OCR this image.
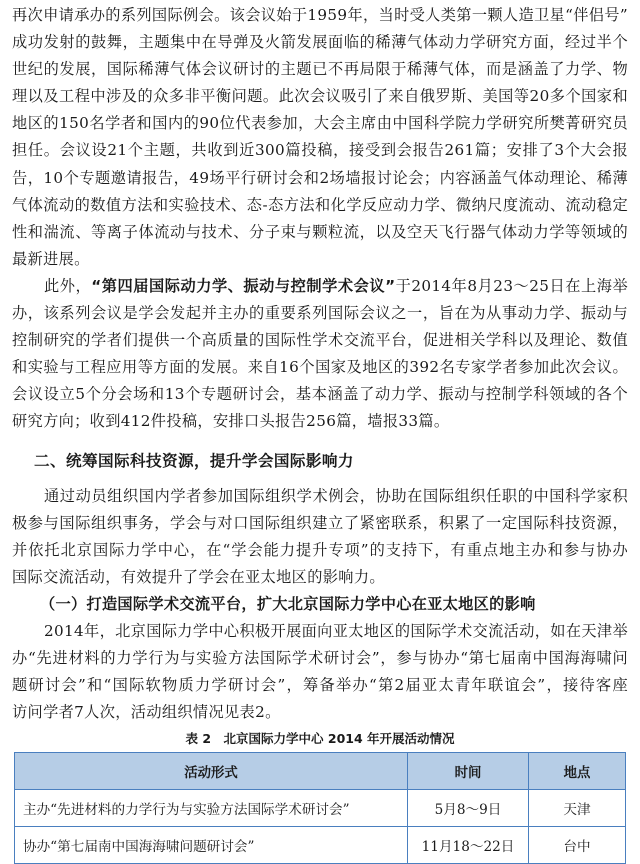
再次申请承办的系列国际例会。该会议始于1959年，当时受人类第一颗人造卫星“伴侣号”

成功发射的鼓舞，主题集中在导弹及火箭发展面临的稀薄气体动力学研究方面，经过半个

世纪的发展，国际稀薄气体会议研讨的主题已不再局限于稀薄气体，而是涵盖了力学、物

理以及工程中涉及的众多非平衡问题。此次会议吸引了来自俄罗斯、美国等20多个国家和

地区的150名学者和国内的90位代表参加，大会主席由中国科学院力学研究所樊菁研究员

担任。会议设21个主题，共收到近300篇投稿，接受到会报告261篇；安排了3个大会报

告，10个专题邀请报告，49场平行研讨会和2场墙报讨论会；内容涵盖气体动理论、稀薄

气体流动的数值方法和实验技术、态-态方法和化学反应动力学、微纳尺度流动、流动稳定

性和湍流、等离子体流动与技术、分子束与颗粒流，以及空天飞行器气体动力学等领域的

最新进展。

此外，“第四届国际动力学、振动与控制学术会议”于2014年8月23～25日在上海举

办，该系列会议是学会发起并主办的重要系列国际会议之一，旨在为从事动力学、振动与

控制研究的学者们提供一个高质量的国际性学术交流平台，促进相关学科以及理论、数值

和实验与工程应用等方面的发展。来自16个国家及地区的392名专家学者参加此次会议。

会议设立5个分会场和13个专题研讨会，基本涵盖了动力学、振动与控制学科领域的各个

研究方向；收到412件投稿，安排口头报告256篇，墙报33篇。

二、统筹国际科技资源，提升学会国际影响力

通过动员组织国内学者参加国际组织学术例会，协助在国际组织任职的中国科学家积

极参与国际组织事务，学会与对口国际组织建立了紧密联系，积累了一定国际科技资源，

并依托北京国际力学中心，在“学会能力提升专项”的支持下，有重点地主办和参与协办

国际交流活动，有效提升了学会在亚太地区的影响力。

（一）打造国际学术交流平台，扩大北京国际力学中心在亚太地区的影响

2014年，北京国际力学中心积极开展面向亚太地区的国际学术交流活动，如在天津举

办“先进材料的力学行为与实验方法国际学术研讨会”，参与协办“第七届南中国海海啸问

题研讨会”和“国际软物质力学研讨会”，筹备举办“第2届亚太青年联谊会”，接待客座

访问学者7人次，活动组织情况见表2。

表 2　北京国际力学中心 2014 年开展活动情况
活动形式	时间	地点
主办“先进材料的力学行为与实验方法国际学术研讨会”	5月8～9日	天津
协办“第七届南中国海海啸问题研讨会”	11月18～22日	台中
